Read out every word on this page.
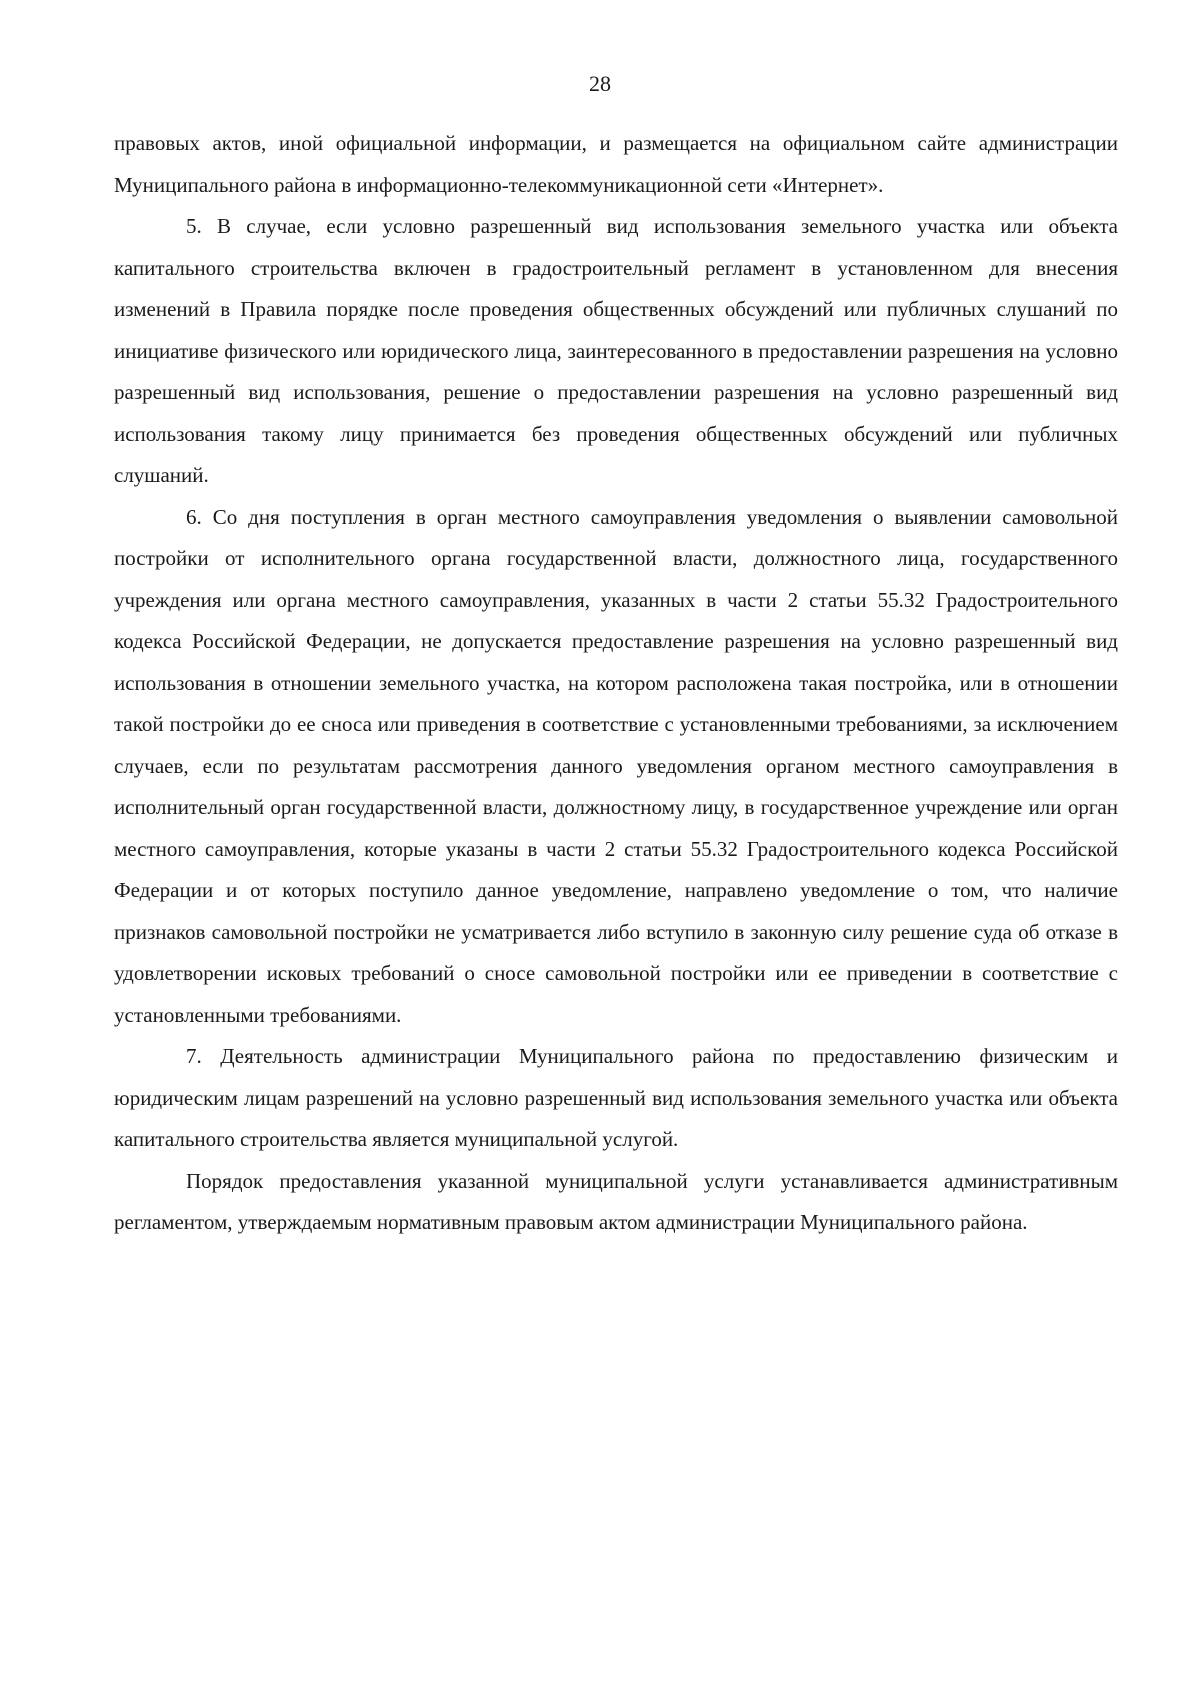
28

правовых актов, иной официальной информации, и размещается на официальном сайте администрации Муниципального района в информационно-телекоммуникационной сети «Интернет».

5. В случае, если условно разрешенный вид использования земельного участка или объекта капитального строительства включен в градостроительный регламент в установленном для внесения изменений в Правила порядке после проведения общественных обсуждений или публичных слушаний по инициативе физического или юридического лица, заинтересованного в предоставлении разрешения на условно разрешенный вид использования, решение о предоставлении разрешения на условно разрешенный вид использования такому лицу принимается без проведения общественных обсуждений или публичных слушаний.

6. Со дня поступления в орган местного самоуправления уведомления о выявлении самовольной постройки от исполнительного органа государственной власти, должностного лица, государственного учреждения или органа местного самоуправления, указанных в части 2 статьи 55.32 Градостроительного кодекса Российской Федерации, не допускается предоставление разрешения на условно разрешенный вид использования в отношении земельного участка, на котором расположена такая постройка, или в отношении такой постройки до ее сноса или приведения в соответствие с установленными требованиями, за исключением случаев, если по результатам рассмотрения данного уведомления органом местного самоуправления в исполнительный орган государственной власти, должностному лицу, в государственное учреждение или орган местного самоуправления, которые указаны в части 2 статьи 55.32 Градостроительного кодекса Российской Федерации и от которых поступило данное уведомление, направлено уведомление о том, что наличие признаков самовольной постройки не усматривается либо вступило в законную силу решение суда об отказе в удовлетворении исковых требований о сносе самовольной постройки или ее приведении в соответствие с установленными требованиями.

7. Деятельность администрации Муниципального района по предоставлению физическим и юридическим лицам разрешений на условно разрешенный вид использования земельного участка или объекта капитального строительства является муниципальной услугой.

Порядок предоставления указанной муниципальной услуги устанавливается административным регламентом, утверждаемым нормативным правовым актом администрации Муниципального района.
